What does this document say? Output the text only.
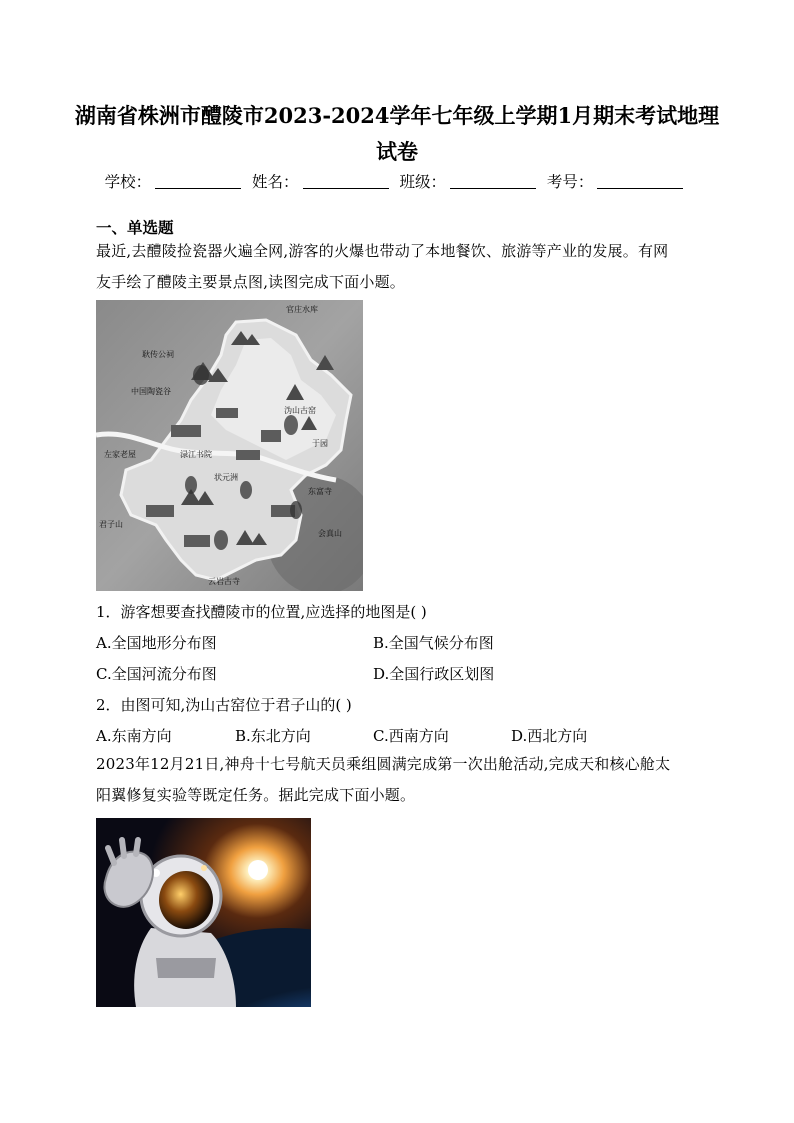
湖南省株洲市醴陵市2023-2024学年七年级上学期1月期末考试地理
试卷
学校：	姓名：	班级：	考号：
一、单选题
最近,去醴陵捡瓷器火遍全网,游客的火爆也带动了本地餐饮、旅游等产业的发展。有网
友手绘了醴陵主要景点图,读图完成下面小题。
官庄水库
耿传公祠
中国陶瓷谷
沩山古窑
左家老屋	渌江书院
于园
状元洲
东富寺
君子山
会真山
云岩古寺
1．游客想要查找醴陵市的位置,应选择的地图是( )
A.全国地形分布图	B.全国气候分布图
C.全国河流分布图	D.全国行政区划图
2．由图可知,沩山古窑位于君子山的( )
A.东南方向	B.东北方向	C.西南方向	D.西北方向
2023年12月21日,神舟十七号航天员乘组圆满完成第一次出舱活动,完成天和核心舱太
阳翼修复实验等既定任务。据此完成下面小题。
